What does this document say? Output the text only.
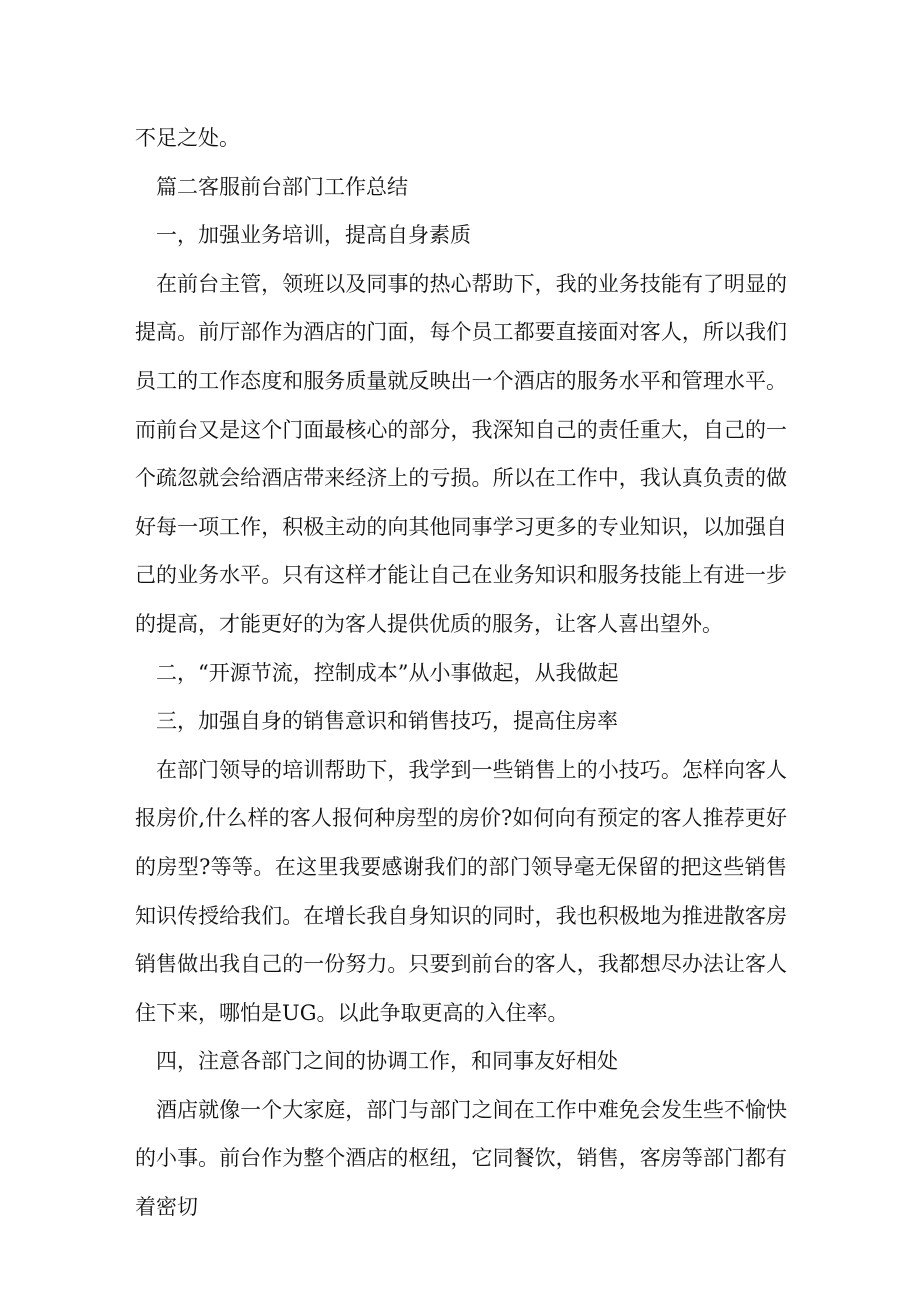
不足之处。

篇二客服前台部门工作总结

一，加强业务培训，提高自身素质

在前台主管，领班以及同事的热心帮助下，我的业务技能有了明显的提高。前厅部作为酒店的门面，每个员工都要直接面对客人，所以我们员工的工作态度和服务质量就反映出一个酒店的服务水平和管理水平。而前台又是这个门面最核心的部分，我深知自己的责任重大，自己的一个疏忽就会给酒店带来经济上的亏损。所以在工作中，我认真负责的做好每一项工作，积极主动的向其他同事学习更多的专业知识，以加强自己的业务水平。只有这样才能让自己在业务知识和服务技能上有进一步的提高，才能更好的为客人提供优质的服务，让客人喜出望外。

二，“开源节流，控制成本”从小事做起，从我做起

三，加强自身的销售意识和销售技巧，提高住房率

在部门领导的培训帮助下，我学到一些销售上的小技巧。怎样向客人报房价,什么样的客人报何种房型的房价?如何向有预定的客人推荐更好的房型?等等。在这里我要感谢我们的部门领导毫无保留的把这些销售知识传授给我们。在增长我自身知识的同时，我也积极地为推进散客房销售做出我自己的一份努力。只要到前台的客人，我都想尽办法让客人住下来，哪怕是UG。以此争取更高的入住率。

四，注意各部门之间的协调工作，和同事友好相处

酒店就像一个大家庭，部门与部门之间在工作中难免会发生些不愉快的小事。前台作为整个酒店的枢纽，它同餐饮，销售，客房等部门都有着密切
